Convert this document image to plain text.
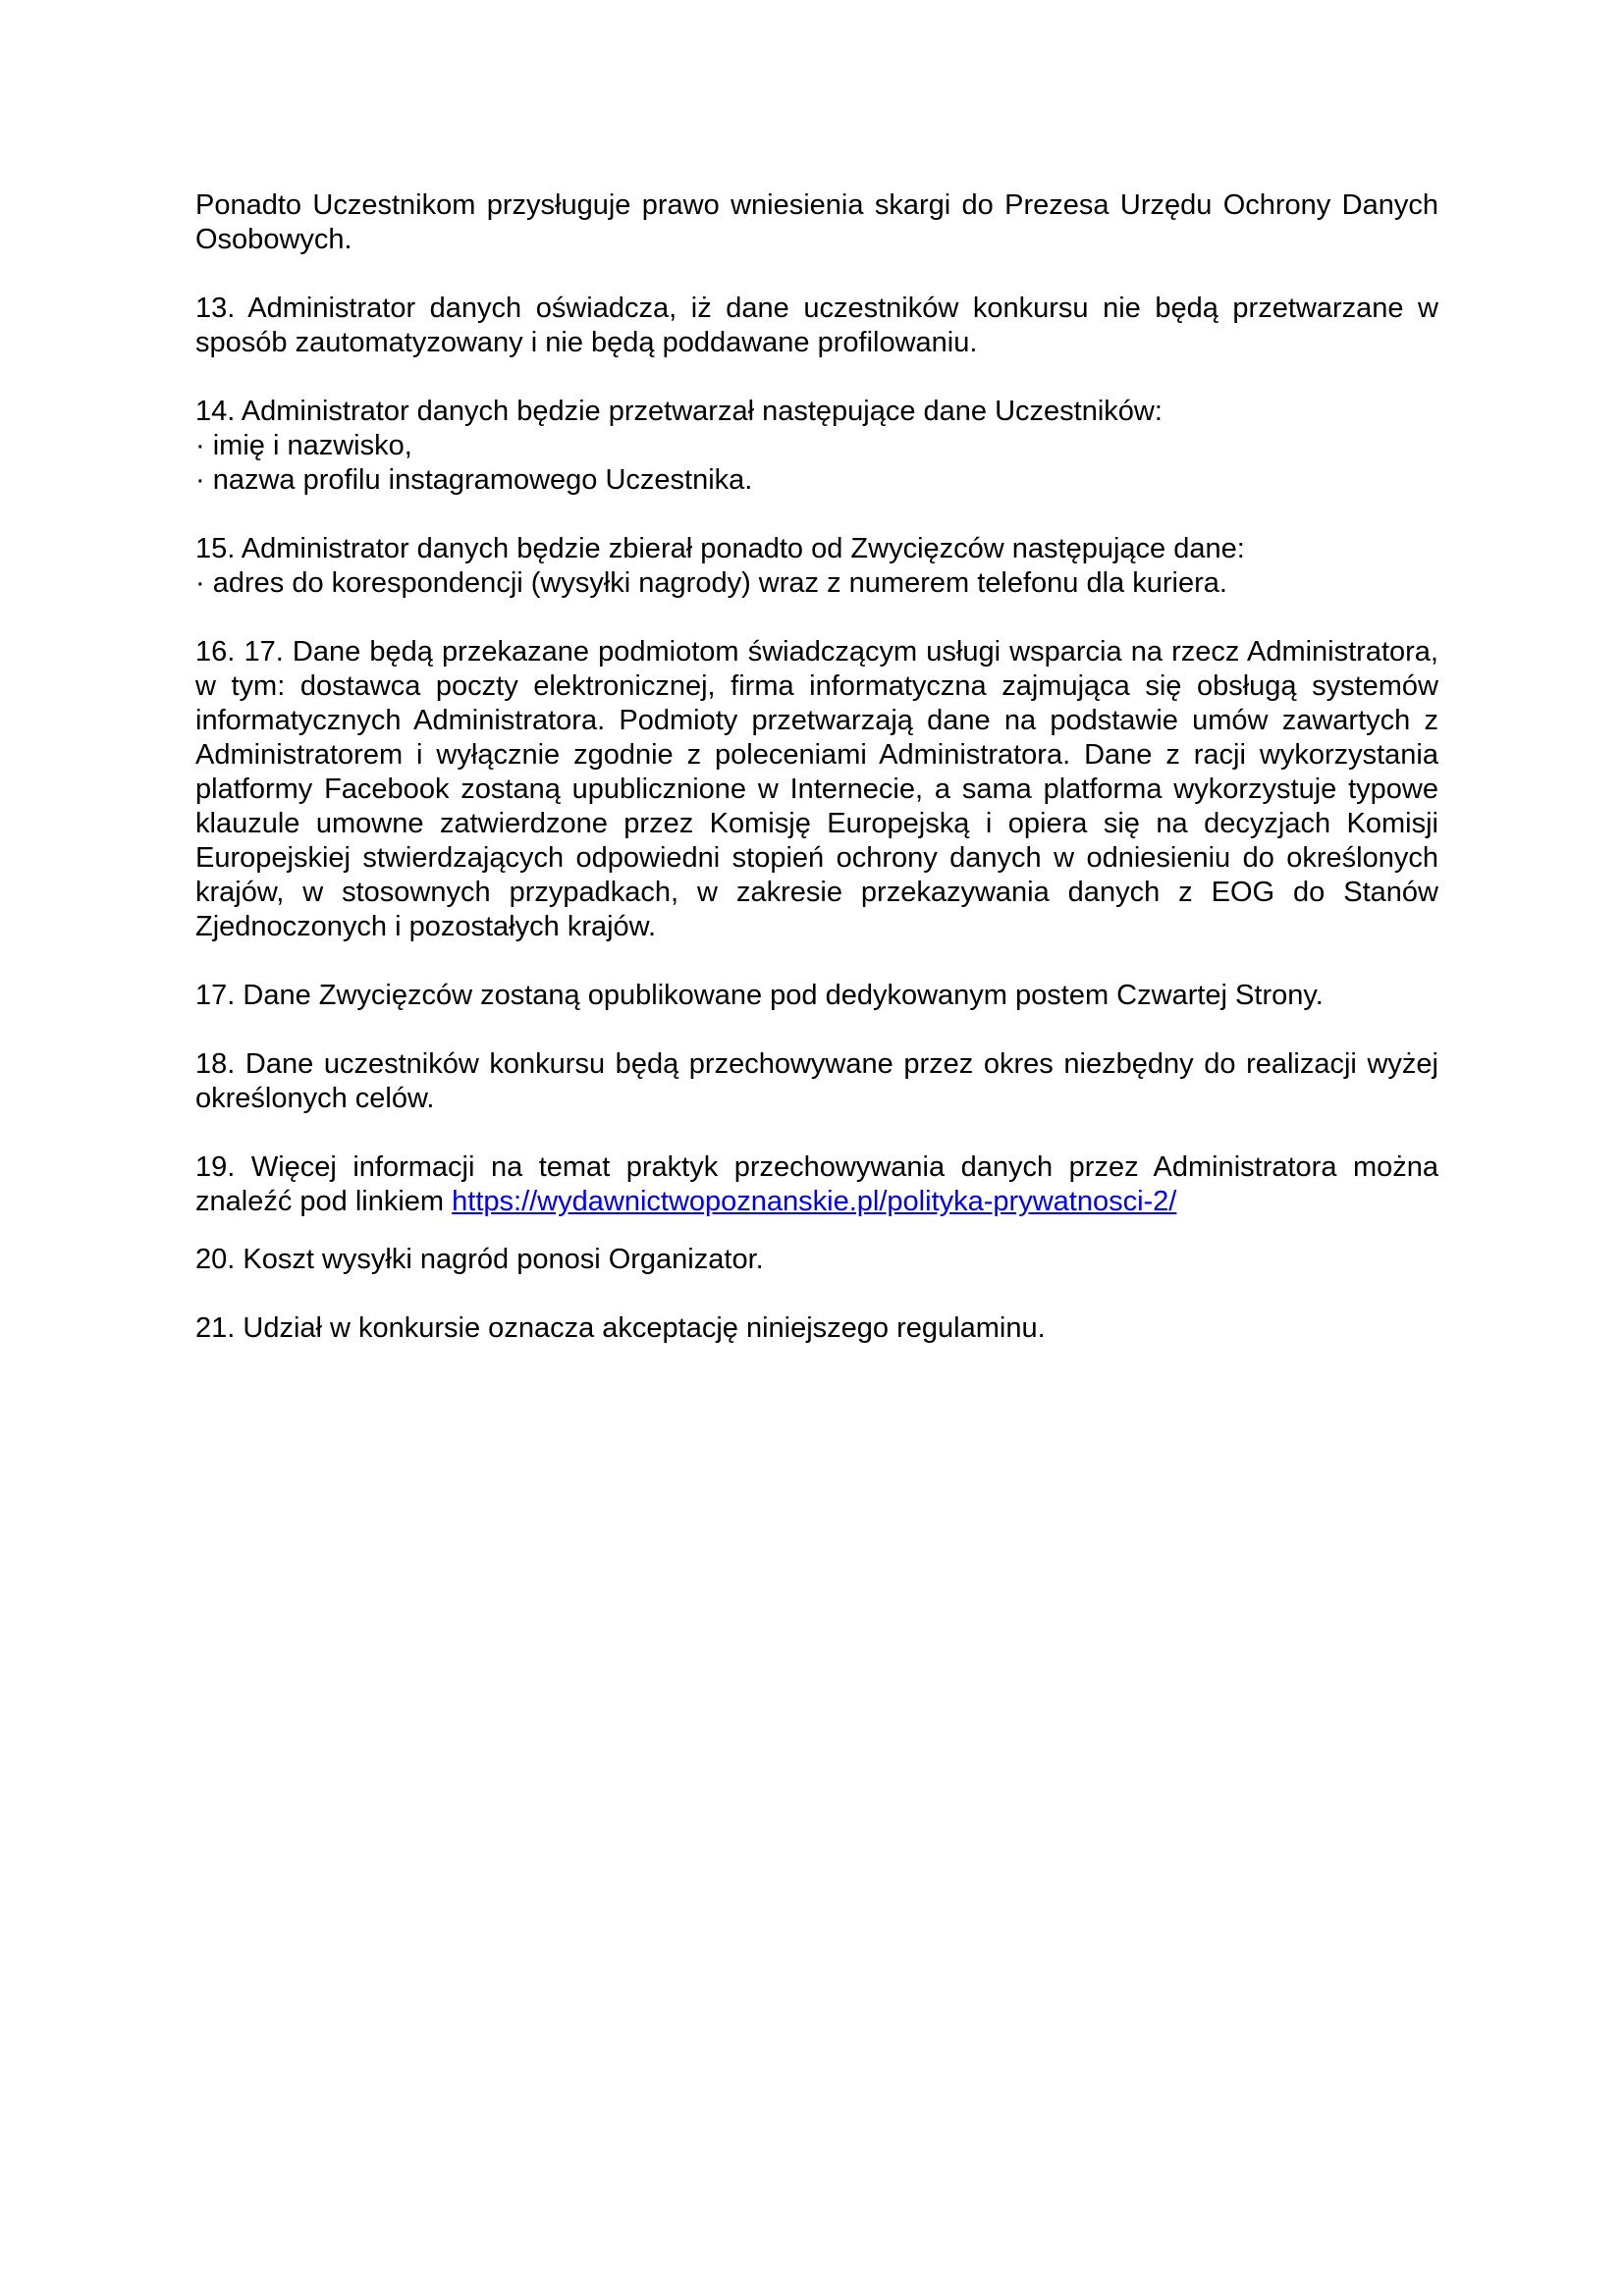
Ponadto Uczestnikom przysługuje prawo wniesienia skargi do Prezesa Urzędu Ochrony Danych Osobowych.

13. Administrator danych oświadcza, iż dane uczestników konkursu nie będą przetwarzane w sposób zautomatyzowany i nie będą poddawane profilowaniu.

14. Administrator danych będzie przetwarzał następujące dane Uczestników:
· imię i nazwisko,
· nazwa profilu instagramowego Uczestnika.
15. Administrator danych będzie zbierał ponadto od Zwycięzców następujące dane:
· adres do korespondencji (wysyłki nagrody) wraz z numerem telefonu dla kuriera.

16. 17. Dane będą przekazane podmiotom świadczącym usługi wsparcia na rzecz Administratora, w tym: dostawca poczty elektronicznej, firma informatyczna zajmująca się obsługą systemów informatycznych Administratora. Podmioty przetwarzają dane na podstawie umów zawartych z Administratorem i wyłącznie zgodnie z poleceniami Administratora. Dane z racji wykorzystania platformy Facebook zostaną upublicznione w Internecie, a sama platforma wykorzystuje typowe klauzule umowne zatwierdzone przez Komisję Europejską i opiera się na decyzjach Komisji Europejskiej stwierdzających odpowiedni stopień ochrony danych w odniesieniu do określonych krajów, w stosownych przypadkach, w zakresie przekazywania danych z EOG do Stanów Zjednoczonych i pozostałych krajów.

17. Dane Zwycięzców zostaną opublikowane pod dedykowanym postem Czwartej Strony.

18. Dane uczestników konkursu będą przechowywane przez okres niezbędny do realizacji wyżej określonych celów.

19. Więcej informacji na temat praktyk przechowywania danych przez Administratora można znaleźć pod linkiem https://wydawnictwopoznanskie.pl/polityka-prywatnosci-2/

20. Koszt wysyłki nagród ponosi Organizator.

21. Udział w konkursie oznacza akceptację niniejszego regulaminu.
